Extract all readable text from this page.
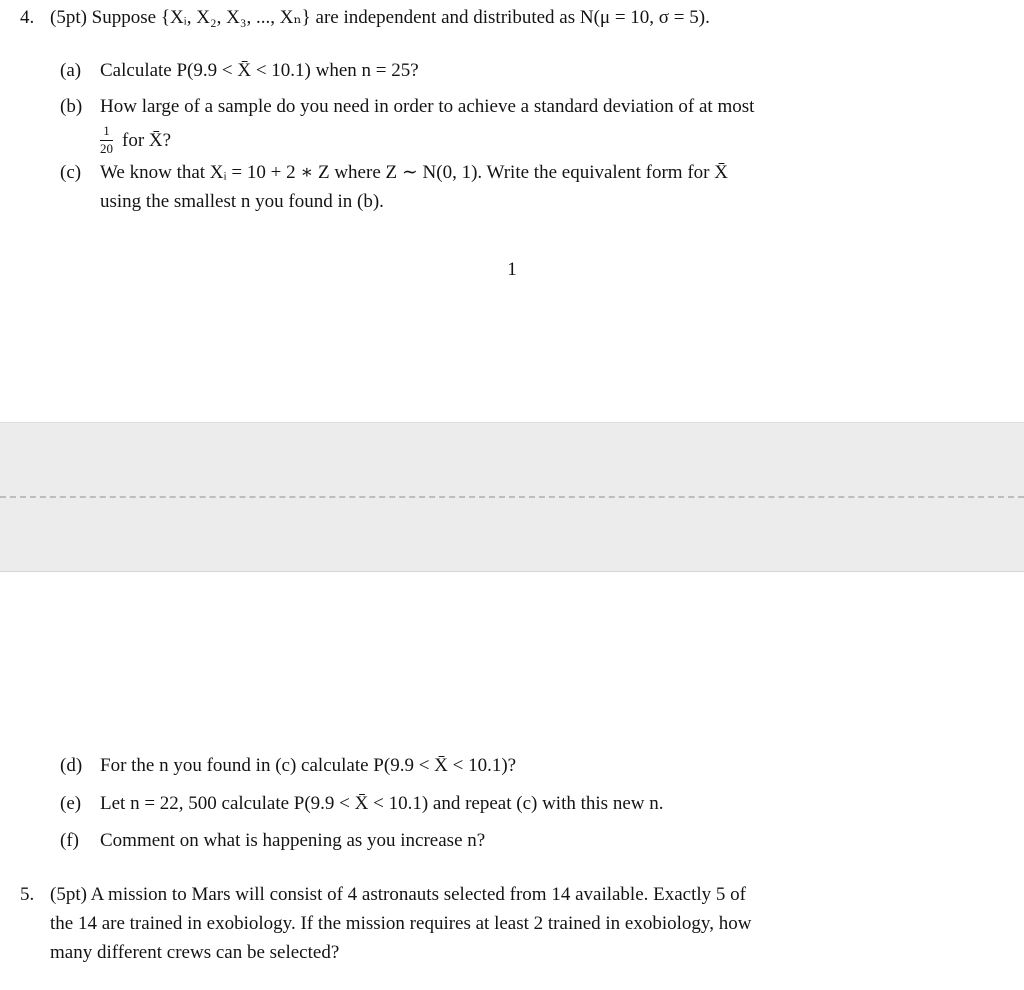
4. (5pt) Suppose {Xᵢ, X₂, X₃, ..., Xₙ} are independent and distributed as N(μ = 10, σ = 5).
(a) Calculate P(9.9 < X̄ < 10.1) when n = 25?
(b) How large of a sample do you need in order to achieve a standard deviation of at most
$\frac{1}{20}$ for X̄?
(c) We know that Xᵢ = 10 + 2 ∗ Z where Z ∼ N(0, 1). Write the equivalent form for X̄
using the smallest n you found in (b).
1
(d) For the n you found in (c) calculate P(9.9 < X̄ < 10.1)?
(e) Let n = 22, 500 calculate P(9.9 < X̄ < 10.1) and repeat (c) with this new n.
(f)	Comment on what is happening as you increase n?
5. (5pt) A mission to Mars will consist of 4 astronauts selected from 14 available. Exactly 5 of
the 14 are trained in exobiology. If the mission requires at least 2 trained in exobiology, how
many different crews can be selected?
